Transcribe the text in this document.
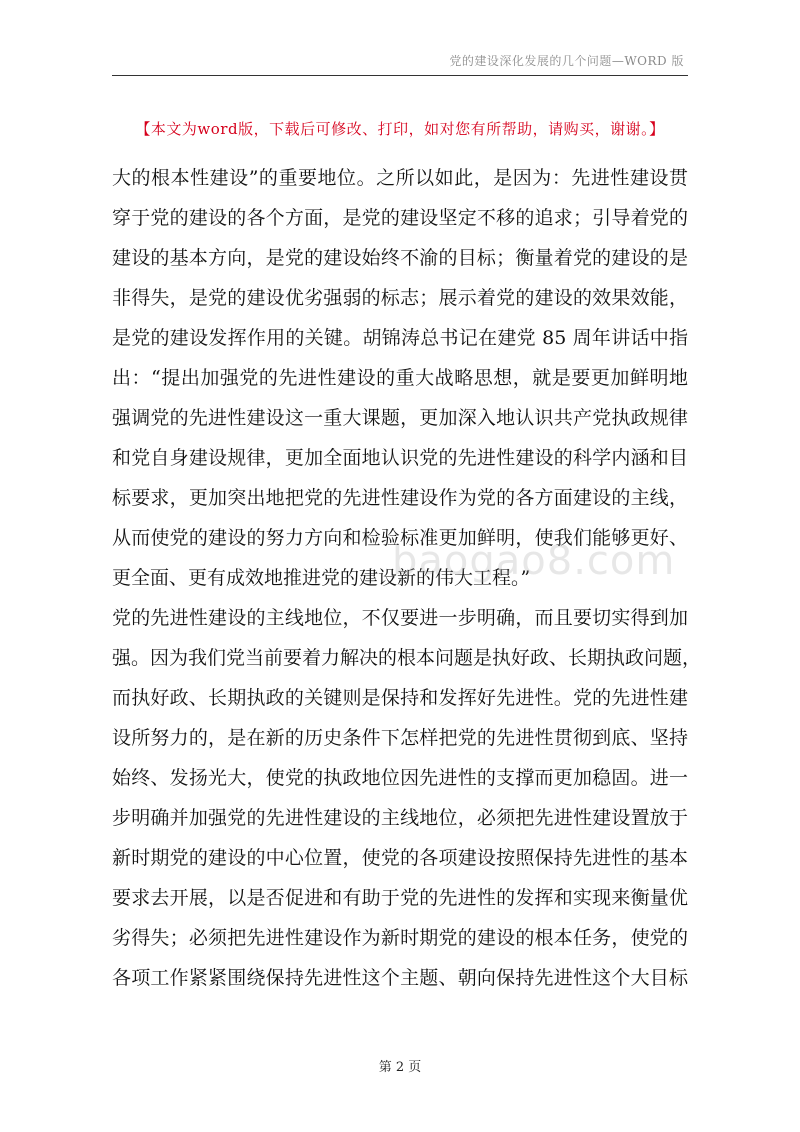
党的建设深化发展的几个问题—WORD 版
【本文为word版，下载后可修改、打印，如对您有所帮助，请购买，谢谢。】
大的根本性建设”的重要地位。之所以如此，是因为：先进性建设贯
穿于党的建设的各个方面，是党的建设坚定不移的追求；引导着党的
建设的基本方向，是党的建设始终不渝的目标；衡量着党的建设的是
非得失，是党的建设优劣强弱的标志；展示着党的建设的效果效能，
是党的建设发挥作用的关键。胡锦涛总书记在建党 85 周年讲话中指
出：“提出加强党的先进性建设的重大战略思想，就是要更加鲜明地
强调党的先进性建设这一重大课题，更加深入地认识共产党执政规律
和党自身建设规律，更加全面地认识党的先进性建设的科学内涵和目
标要求，更加突出地把党的先进性建设作为党的各方面建设的主线，
从而使党的建设的努力方向和检验标准更加鲜明，使我们能够更好、
更全面、更有成效地推进党的建设新的伟大工程。”
党的先进性建设的主线地位，不仅要进一步明确，而且要切实得到加
强。因为我们党当前要着力解决的根本问题是执好政、长期执政问题，
而执好政、长期执政的关键则是保持和发挥好先进性。党的先进性建
设所努力的，是在新的历史条件下怎样把党的先进性贯彻到底、坚持
始终、发扬光大，使党的执政地位因先进性的支撑而更加稳固。进一
步明确并加强党的先进性建设的主线地位，必须把先进性建设置放于
新时期党的建设的中心位置，使党的各项建设按照保持先进性的基本
要求去开展，以是否促进和有助于党的先进性的发挥和实现来衡量优
劣得失；必须把先进性建设作为新时期党的建设的根本任务，使党的
各项工作紧紧围绕保持先进性这个主题、朝向保持先进性这个大目标
baogao8.com
第 2 页
